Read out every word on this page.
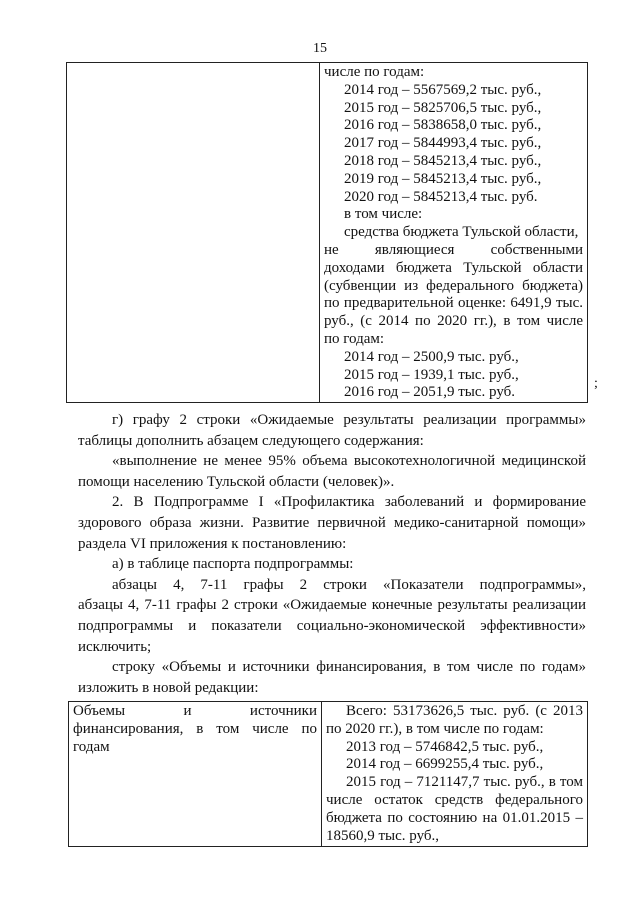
15

числе по годам:
2014 год – 5567569,2 тыс. руб.,
2015 год – 5825706,5 тыс. руб.,
2016 год – 5838658,0 тыс. руб.,
2017 год – 5844993,4 тыс. руб.,
2018 год – 5845213,4 тыс. руб.,
2019 год – 5845213,4 тыс. руб.,
2020 год – 5845213,4 тыс. руб.
в том числе:
средства бюджета Тульской области,
не являющиеся собственными
доходами бюджета Тульской области
(субвенции из федерального бюджета)
по предварительной оценке: 6491,9 тыс.
руб., (с 2014 по 2020 гг.), в том числе
по годам:
2014 год – 2500,9 тыс. руб.,
2015 год – 1939,1 тыс. руб.,
2016 год – 2051,9 тыс. руб.
;

г) графу 2 строки «Ожидаемые результаты реализации программы»

таблицы дополнить абзацем следующего содержания:

«выполнение не менее 95% объема высокотехнологичной медицинской

помощи населению Тульской области (человек)».

2. В Подпрограмме I «Профилактика заболеваний и формирование

здорового образа жизни. Развитие первичной медико-санитарной помощи»

раздела VI приложения к постановлению:

а) в таблице паспорта подпрограммы:

абзацы 4, 7-11 графы 2 строки «Показатели подпрограммы»,

абзацы 4, 7-11 графы 2 строки «Ожидаемые конечные результаты реализации

подпрограммы и показатели социально-экономической эффективности»

исключить;

строку «Объемы и источники финансирования, в том числе по годам»

изложить в новой редакции:

Объемы и источники
финансирования, в том числе по
годам

Всего: 53173626,5 тыс. руб. (с 2013
по 2020 гг.), в том числе по годам:
2013 год – 5746842,5 тыс. руб.,
2014 год – 6699255,4 тыс. руб.,
2015 год – 7121147,7 тыс. руб., в том
числе остаток средств федерального
бюджета по состоянию на 01.01.2015 –
18560,9 тыс. руб.,
